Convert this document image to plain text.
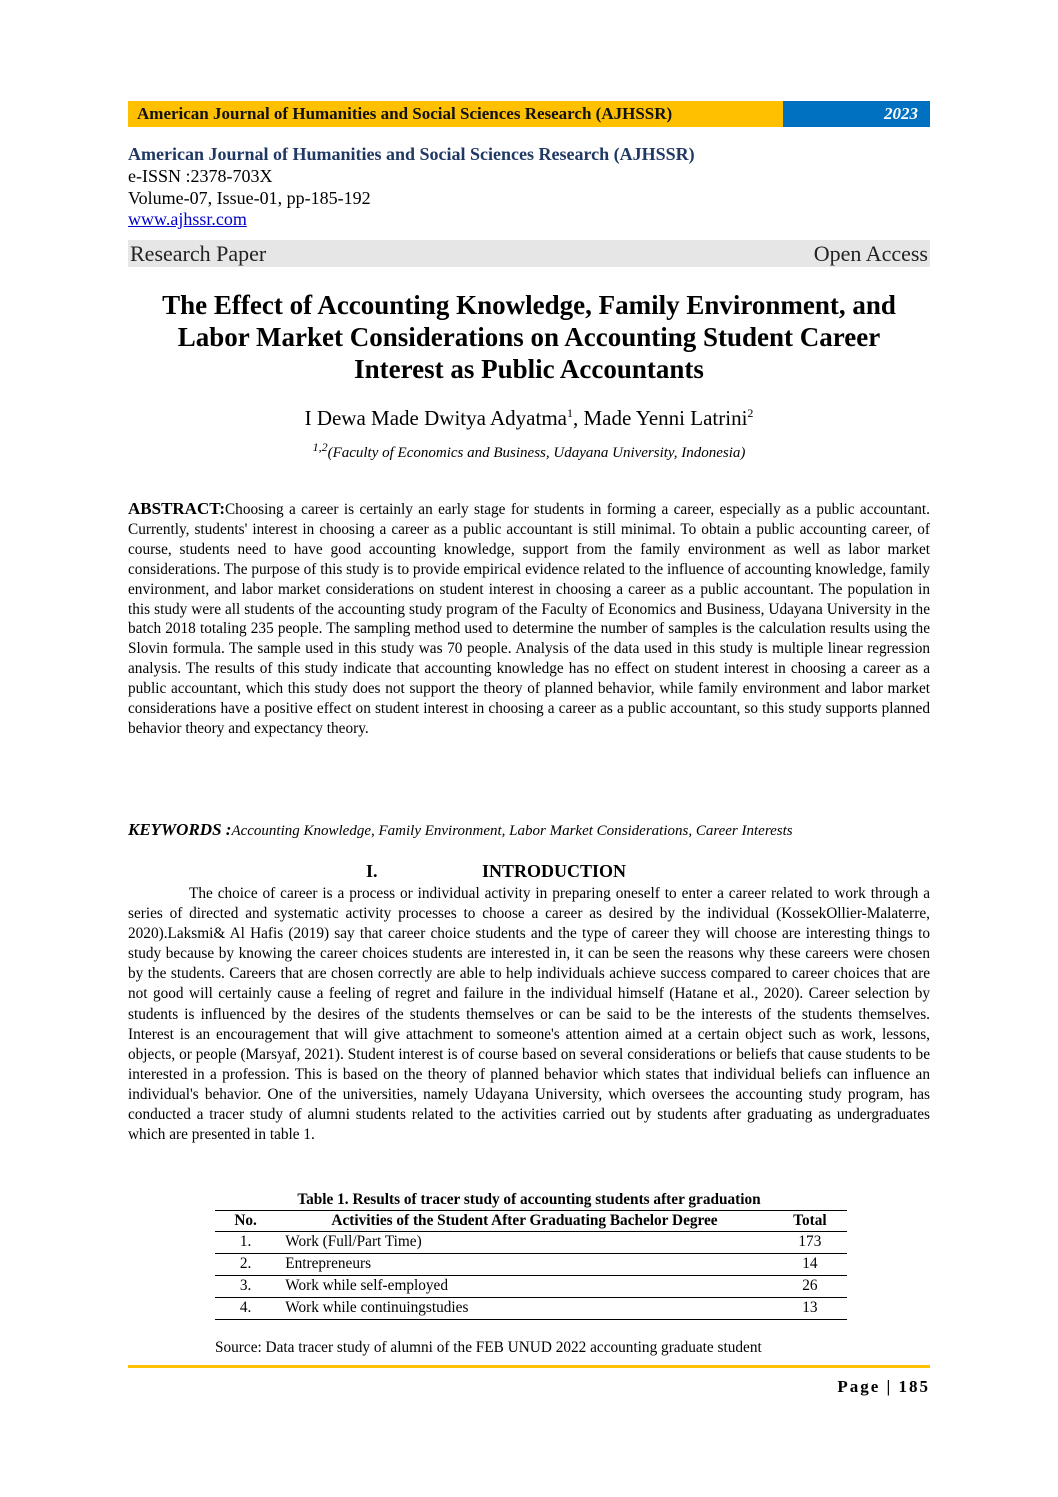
American Journal of Humanities and Social Sciences Research (AJHSSR)	2023
American Journal of Humanities and Social Sciences Research (AJHSSR)
e-ISSN :2378-703X
Volume-07, Issue-01, pp-185-192
www.ajhssr.com
Research Paper	Open Access
The Effect of Accounting Knowledge, Family Environment, and
Labor Market Considerations on Accounting Student Career
Interest as Public Accountants
I Dewa Made Dwitya Adyatma$^1$, Made Yenni Latrini$^2$
$^{1,2}$(Faculty of Economics and Business, Udayana University, Indonesia)
ABSTRACT:Choosing a career is certainly an early stage for students in forming a career, especially as a public accountant. Currently, students' interest in choosing a career as a public accountant is still minimal. To obtain a public accounting career, of course, students need to have good accounting knowledge, support from the family environment as well as labor market considerations. The purpose of this study is to provide empirical evidence related to the influence of accounting knowledge, family environment, and labor market considerations on student interest in choosing a career as a public accountant. The population in this study were all students of the accounting study program of the Faculty of Economics and Business, Udayana University in the batch 2018 totaling 235 people. The sampling method used to determine the number of samples is the calculation results using the Slovin formula. The sample used in this study was 70 people. Analysis of the data used in this study is multiple linear regression analysis. The results of this study indicate that accounting knowledge has no effect on student interest in choosing a career as a public accountant, which this study does not support the theory of planned behavior, while family environment and labor market considerations have a positive effect on student interest in choosing a career as a public accountant, so this study supports planned behavior theory and expectancy theory.
KEYWORDS :Accounting Knowledge, Family Environment, Labor Market Considerations, Career Interests
I.	INTRODUCTION
The choice of career is a process or individual activity in preparing oneself to enter a career related to work through a series of directed and systematic activity processes to choose a career as desired by the individual (KossekOllier-Malaterre, 2020).Laksmi& Al Hafis (2019) say that career choice students and the type of career they will choose are interesting things to study because by knowing the career choices students are interested in, it can be seen the reasons why these careers were chosen by the students. Careers that are chosen correctly are able to help individuals achieve success compared to career choices that are not good will certainly cause a feeling of regret and failure in the individual himself (Hatane et al., 2020). Career selection by students is influenced by the desires of the students themselves or can be said to be the interests of the students themselves. Interest is an encouragement that will give attachment to someone's attention aimed at a certain object such as work, lessons, objects, or people (Marsyaf, 2021). Student interest is of course based on several considerations or beliefs that cause students to be interested in a profession. This is based on the theory of planned behavior which states that individual beliefs can influence an individual's behavior. One of the universities, namely Udayana University, which oversees the accounting study program, has conducted a tracer study of alumni students related to the activities carried out by students after graduating as undergraduates which are presented in table 1.
Table 1. Results of tracer study of accounting students after graduation
No.	Activities of the Student After Graduating Bachelor Degree	Total
1.	Work (Full/Part Time)	173
2.	Entrepreneurs	14
3.	Work while self-employed	26
4.	Work while continuingstudies	13
Source: Data tracer study of alumni of the FEB UNUD 2022 accounting graduate student
Page | 185
